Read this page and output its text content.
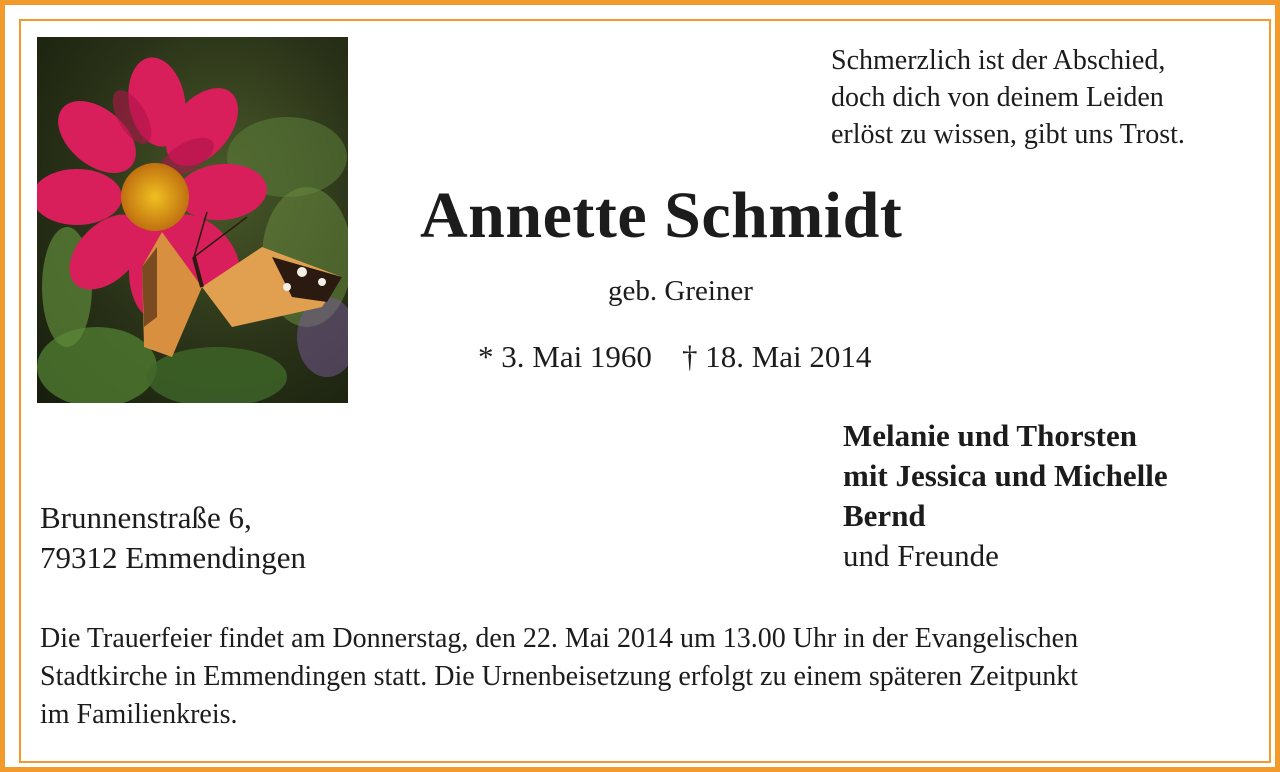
Schmerzlich ist der Abschied,
doch dich von deinem Leiden
erlöst zu wissen, gibt uns Trost.
Annette Schmidt
geb. Greiner
* 3. Mai 1960 † 18. Mai 2014
Melanie und Thorsten
mit Jessica und Michelle
Bernd
und Freunde
Brunnenstraße 6,
79312 Emmendingen
Die Trauerfeier findet am Donnerstag, den 22. Mai 2014 um 13.00 Uhr in der Evangelischen
Stadtkirche in Emmendingen statt. Die Urnenbeisetzung erfolgt zu einem späteren Zeitpunkt
im Familienkreis.
